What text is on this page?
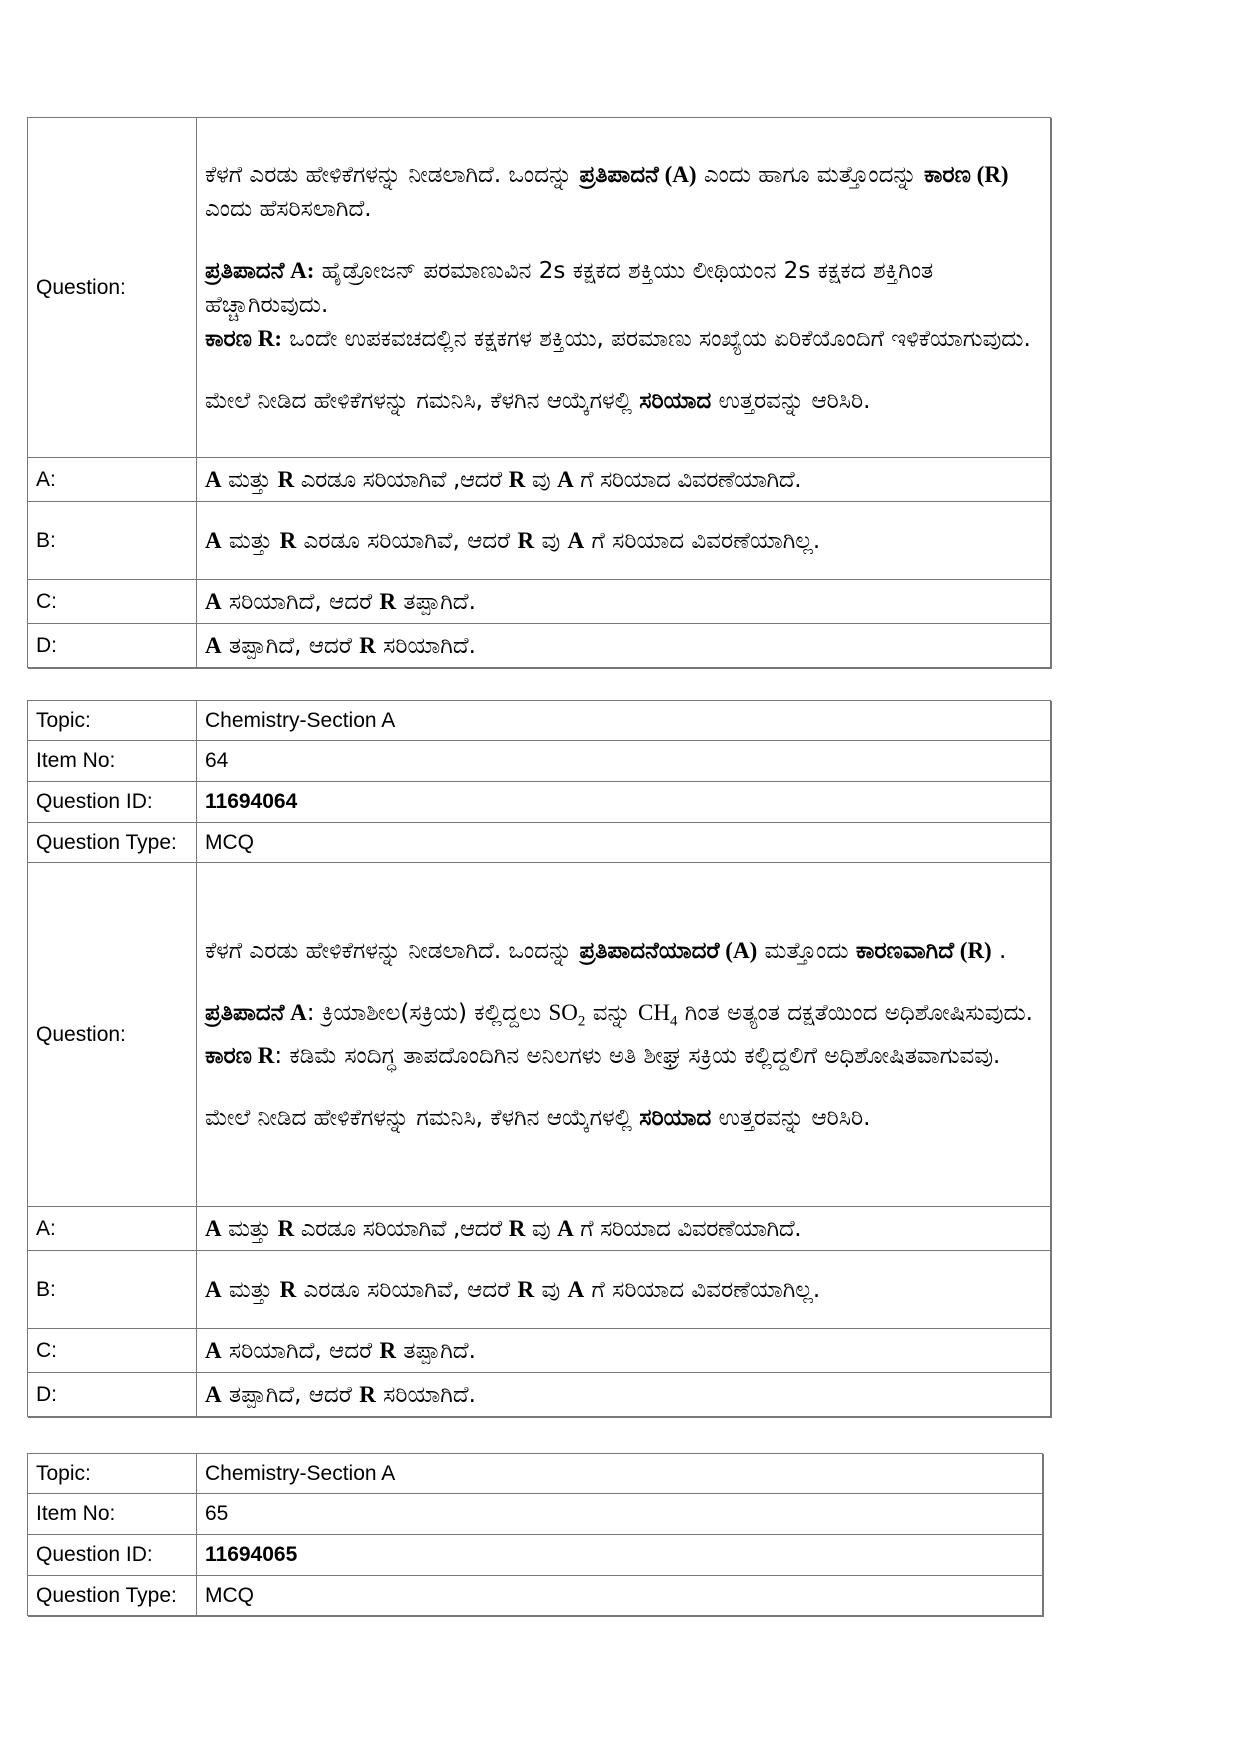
Question:	ಕೆಳಗೆ ಎರಡು ಹೇಳಿಕೆಗಳನ್ನು ನೀಡಲಾಗಿದೆ. ಒಂದನ್ನು ಪ್ರತಿಪಾದನೆ (A) ಎಂದು ಹಾಗೂ ಮತ್ತೊಂದನ್ನು ಕಾರಣ (R) ಎಂದು ಹೆಸರಿಸಲಾಗಿದೆ.

ಪ್ರತಿಪಾದನೆ A: ಹೈಡ್ರೋಜನ್ ಪರಮಾಣುವಿನ 2s ಕಕ್ಷಕದ ಶಕ್ತಿಯು ಲೀಥಿಯಂನ 2s ಕಕ್ಷಕದ ಶಕ್ತಿಗಿಂತ ಹೆಚ್ಚಾಗಿರುವುದು.

ಕಾರಣ R: ಒಂದೇ ಉಪಕವಚದಲ್ಲಿನ ಕಕ್ಷಕಗಳ ಶಕ್ತಿಯು, ಪರಮಾಣು ಸಂಖ್ಯೆಯ ಏರಿಕೆಯೊಂದಿಗೆ ಇಳಿಕೆಯಾಗುವುದು.

ಮೇಲೆ ನೀಡಿದ ಹೇಳಿಕೆಗಳನ್ನು ಗಮನಿಸಿ, ಕೆಳಗಿನ ಆಯ್ಕೆಗಳಲ್ಲಿ ಸರಿಯಾದ ಉತ್ತರವನ್ನು ಆರಿಸಿರಿ.

A:	A ಮತ್ತು R ಎರಡೂ ಸರಿಯಾಗಿವೆ ,ಆದರೆ R ವು A ಗೆ ಸರಿಯಾದ ವಿವರಣೆಯಾಗಿದೆ.
B:	A ಮತ್ತು R ಎರಡೂ ಸರಿಯಾಗಿವೆ, ಆದರೆ R ವು A ಗೆ ಸರಿಯಾದ ವಿವರಣೆಯಾಗಿಲ್ಲ.
C:	A ಸರಿಯಾಗಿದೆ, ಆದರೆ R ತಪ್ಪಾಗಿದೆ.
D:	A ತಪ್ಪಾಗಿದೆ, ಆದರೆ R ಸರಿಯಾಗಿದೆ.
Topic:	Chemistry-Section A
Item No:	64
Question ID:	11694064
Question Type:	MCQ
Question:	ಕೆಳಗೆ ಎರಡು ಹೇಳಿಕೆಗಳನ್ನು ನೀಡಲಾಗಿದೆ. ಒಂದನ್ನು ಪ್ರತಿಪಾದನೆಯಾದರೆ (A) ಮತ್ತೊಂದು ಕಾರಣವಾಗಿದೆ (R) .

ಪ್ರತಿಪಾದನೆ A: ಕ್ರಿಯಾಶೀಲ(ಸಕ್ರಿಯ) ಕಲ್ಲಿದ್ದಲು $SO_2$ ವನ್ನು $CH_4$ ಗಿಂತ ಅತ್ಯಂತ ದಕ್ಷತೆಯಿಂದ ಅಧಿಶೋಷಿಸುವುದು.

ಕಾರಣ R: ಕಡಿಮೆ ಸಂದಿಗ್ಧ ತಾಪದೊಂದಿಗಿನ ಅನಿಲಗಳು ಅತಿ ಶೀಘ್ರ ಸಕ್ರಿಯ ಕಲ್ಲಿದ್ದಲಿಗೆ ಅಧಿಶೋಷಿತವಾಗುವವು.

ಮೇಲೆ ನೀಡಿದ ಹೇಳಿಕೆಗಳನ್ನು ಗಮನಿಸಿ, ಕೆಳಗಿನ ಆಯ್ಕೆಗಳಲ್ಲಿ ಸರಿಯಾದ ಉತ್ತರವನ್ನು ಆರಿಸಿರಿ.

A:	A ಮತ್ತು R ಎರಡೂ ಸರಿಯಾಗಿವೆ ,ಆದರೆ R ವು A ಗೆ ಸರಿಯಾದ ವಿವರಣೆಯಾಗಿದೆ.
B:	A ಮತ್ತು R ಎರಡೂ ಸರಿಯಾಗಿವೆ, ಆದರೆ R ವು A ಗೆ ಸರಿಯಾದ ವಿವರಣೆಯಾಗಿಲ್ಲ.
C:	A ಸರಿಯಾಗಿದೆ, ಆದರೆ R ತಪ್ಪಾಗಿದೆ.
D:	A ತಪ್ಪಾಗಿದೆ, ಆದರೆ R ಸರಿಯಾಗಿದೆ.
Topic:	Chemistry-Section A
Item No:	65
Question ID:	11694065
Question Type:	MCQ
